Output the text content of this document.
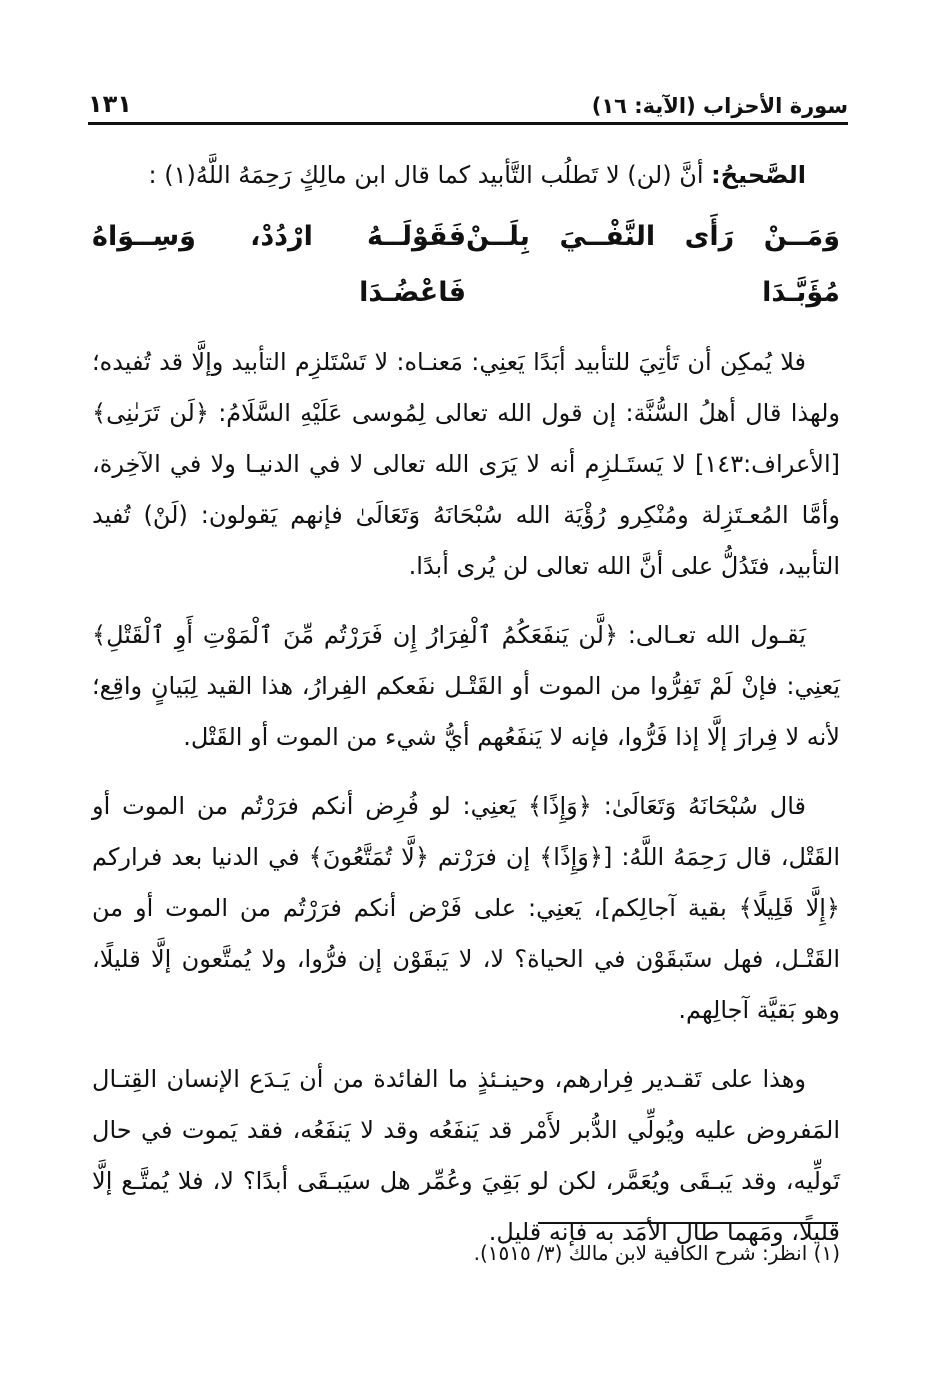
سورة الأحزاب (الآية: ١٦)
١٣١

الصَّحيحُ: أنَّ (لن) لا تَطلُب التَّأبيد كما قال ابن مالِكٍ رَحِمَهُ اللَّهُ(١) :

وَمَــنْ رَأَى النَّفْــيَ بِلَــنْ مُؤَبَّـدَا
فَقَوْلَــهُ ارْدُدْ، وَسِــوَاهُ فَاعْضُـدَا

فلا يُمكِن أن تَأتِيَ للتأبيد أبَدًا يَعنِي: مَعنـاه: لا تَسْتَلزِم التأبيد وإلَّا قد تُفيده؛ ولهذا قال أهلُ السُّنَّة: إن قول الله تعالى لِمُوسى عَلَيْهِ السَّلَامُ: ﴿لَن تَرَىٰنِى﴾ [الأعراف:١٤٣] لا يَستَـلزِم أنه لا يَرَى الله تعالى لا في الدنيـا ولا في الآخِرة، وأمَّا المُعـتَزِلة ومُنْكِرو رُؤْيَة الله سُبْحَانَهُ وَتَعَالَىٰ فإنهم يَقولون: (لَنْ) تُفيد التأبيد، فتَدُلُّ على أنَّ الله تعالى لن يُرى أبدًا.

يَقـول الله تعـالى: ﴿لَّن يَنفَعَكُمُ ٱلْفِرَارُ إِن فَرَرْتُم مِّنَ ٱلْمَوْتِ أَوِ ٱلْقَتْلِ﴾ يَعنِي: فإنْ لَمْ تَفِرُّوا من الموت أو القَتْـل نفَعكم الفِرارُ، هذا القيد لِبَيانٍ واقِع؛ لأنه لا فِرارَ إلَّا إذا فَرُّوا، فإنه لا يَنفَعُهم أيُّ شيء من الموت أو القَتْل.

قال سُبْحَانَهُ وَتَعَالَىٰ: ﴿وَإِذًا﴾ يَعنِي: لو فُرِض أنكم فرَرْتُم من الموت أو القَتْل، قال رَحِمَهُ اللَّهُ: [﴿وَإِذًا﴾ إن فرَرْتم ﴿لَّا تُمَتَّعُونَ﴾ في الدنيا بعد فراركم ﴿إِلَّا قَلِيلًا﴾ بقية آجالِكم]، يَعنِي: على فَرْض أنكم فرَرْتُم من الموت أو من القَتْـل، فهل ستَبقَوْن في الحياة؟ لا، لا يَبقَوْن إن فرُّوا، ولا يُمتَّعون إلَّا قليلًا، وهو بَقيَّة آجالِهم.

وهذا على تَقـدير فِرارهم، وحينـئذٍ ما الفائدة من أن يَـدَع الإنسان القِتـال المَفروض عليه ويُولِّي الدُّبر لأَمْر قد يَنفَعُه وقد لا يَنفَعُه، فقد يَموت في حال تَولِّيه، وقد يَبـقَى ويُعَمَّر، لكن لو بَقِيَ وعُمِّر هل سيَبـقَى أبدًا؟ لا، فلا يُمتَّـع إلَّا قليلًا، ومَهما طال الأمَد به فإنه قليل.

(١) انظر: شرح الكافية لابن مالك (٣/ ١٥١٥).
